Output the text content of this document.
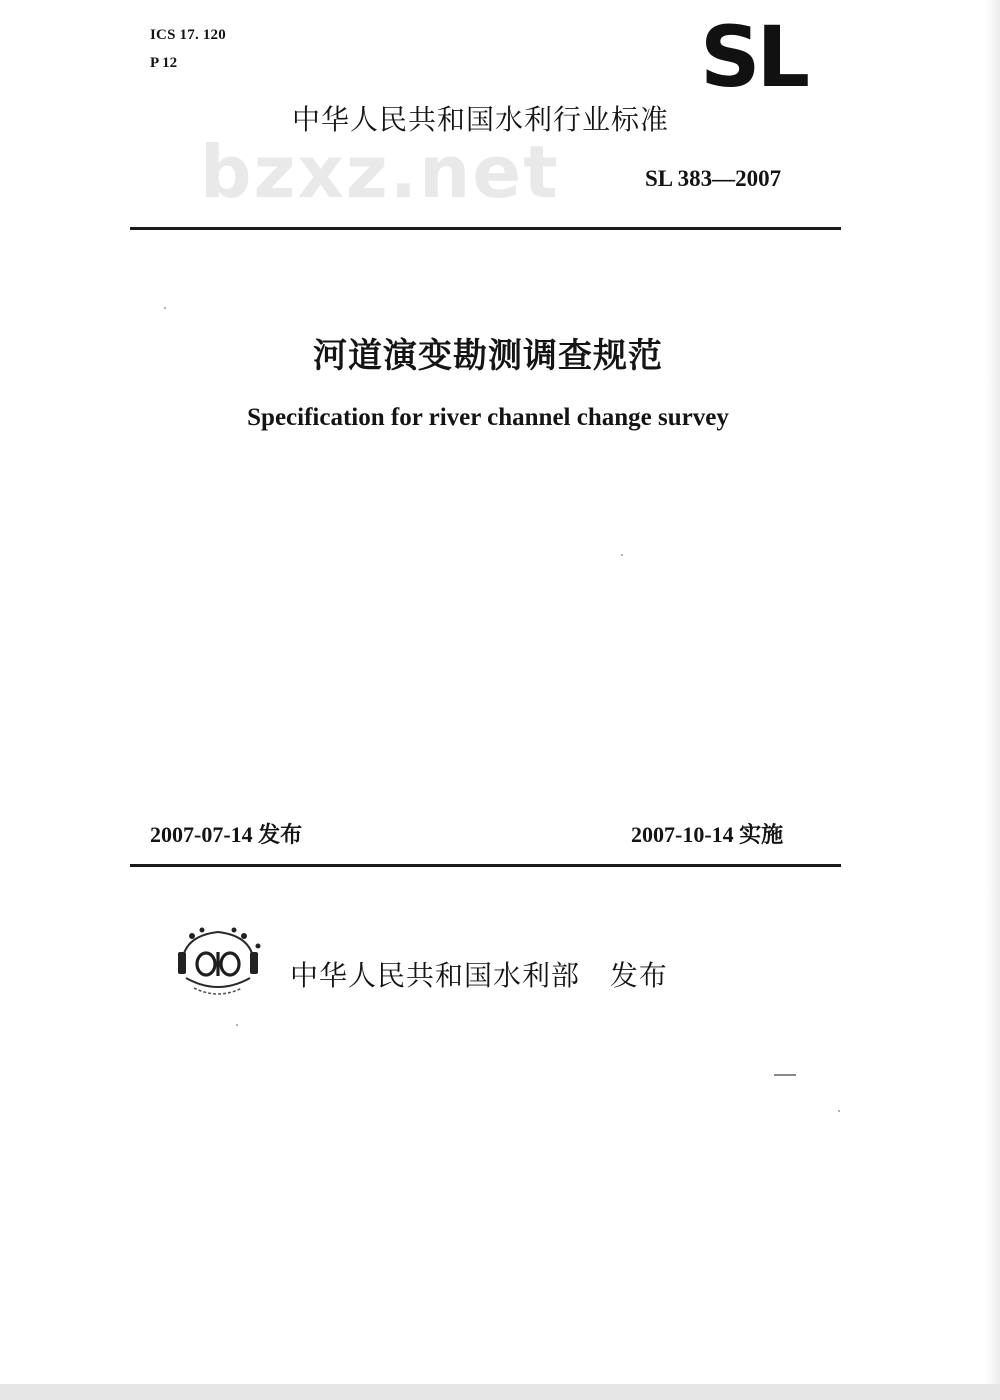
ICS 17. 120
P 12	SL
中华人民共和国水利行业标准
bzxz.net	SL 383—2007
河道演变勘测调查规范
Specification for river channel change survey
2007-07-14 发布	2007-10-14 实施
中华人民共和国水利部   发布
